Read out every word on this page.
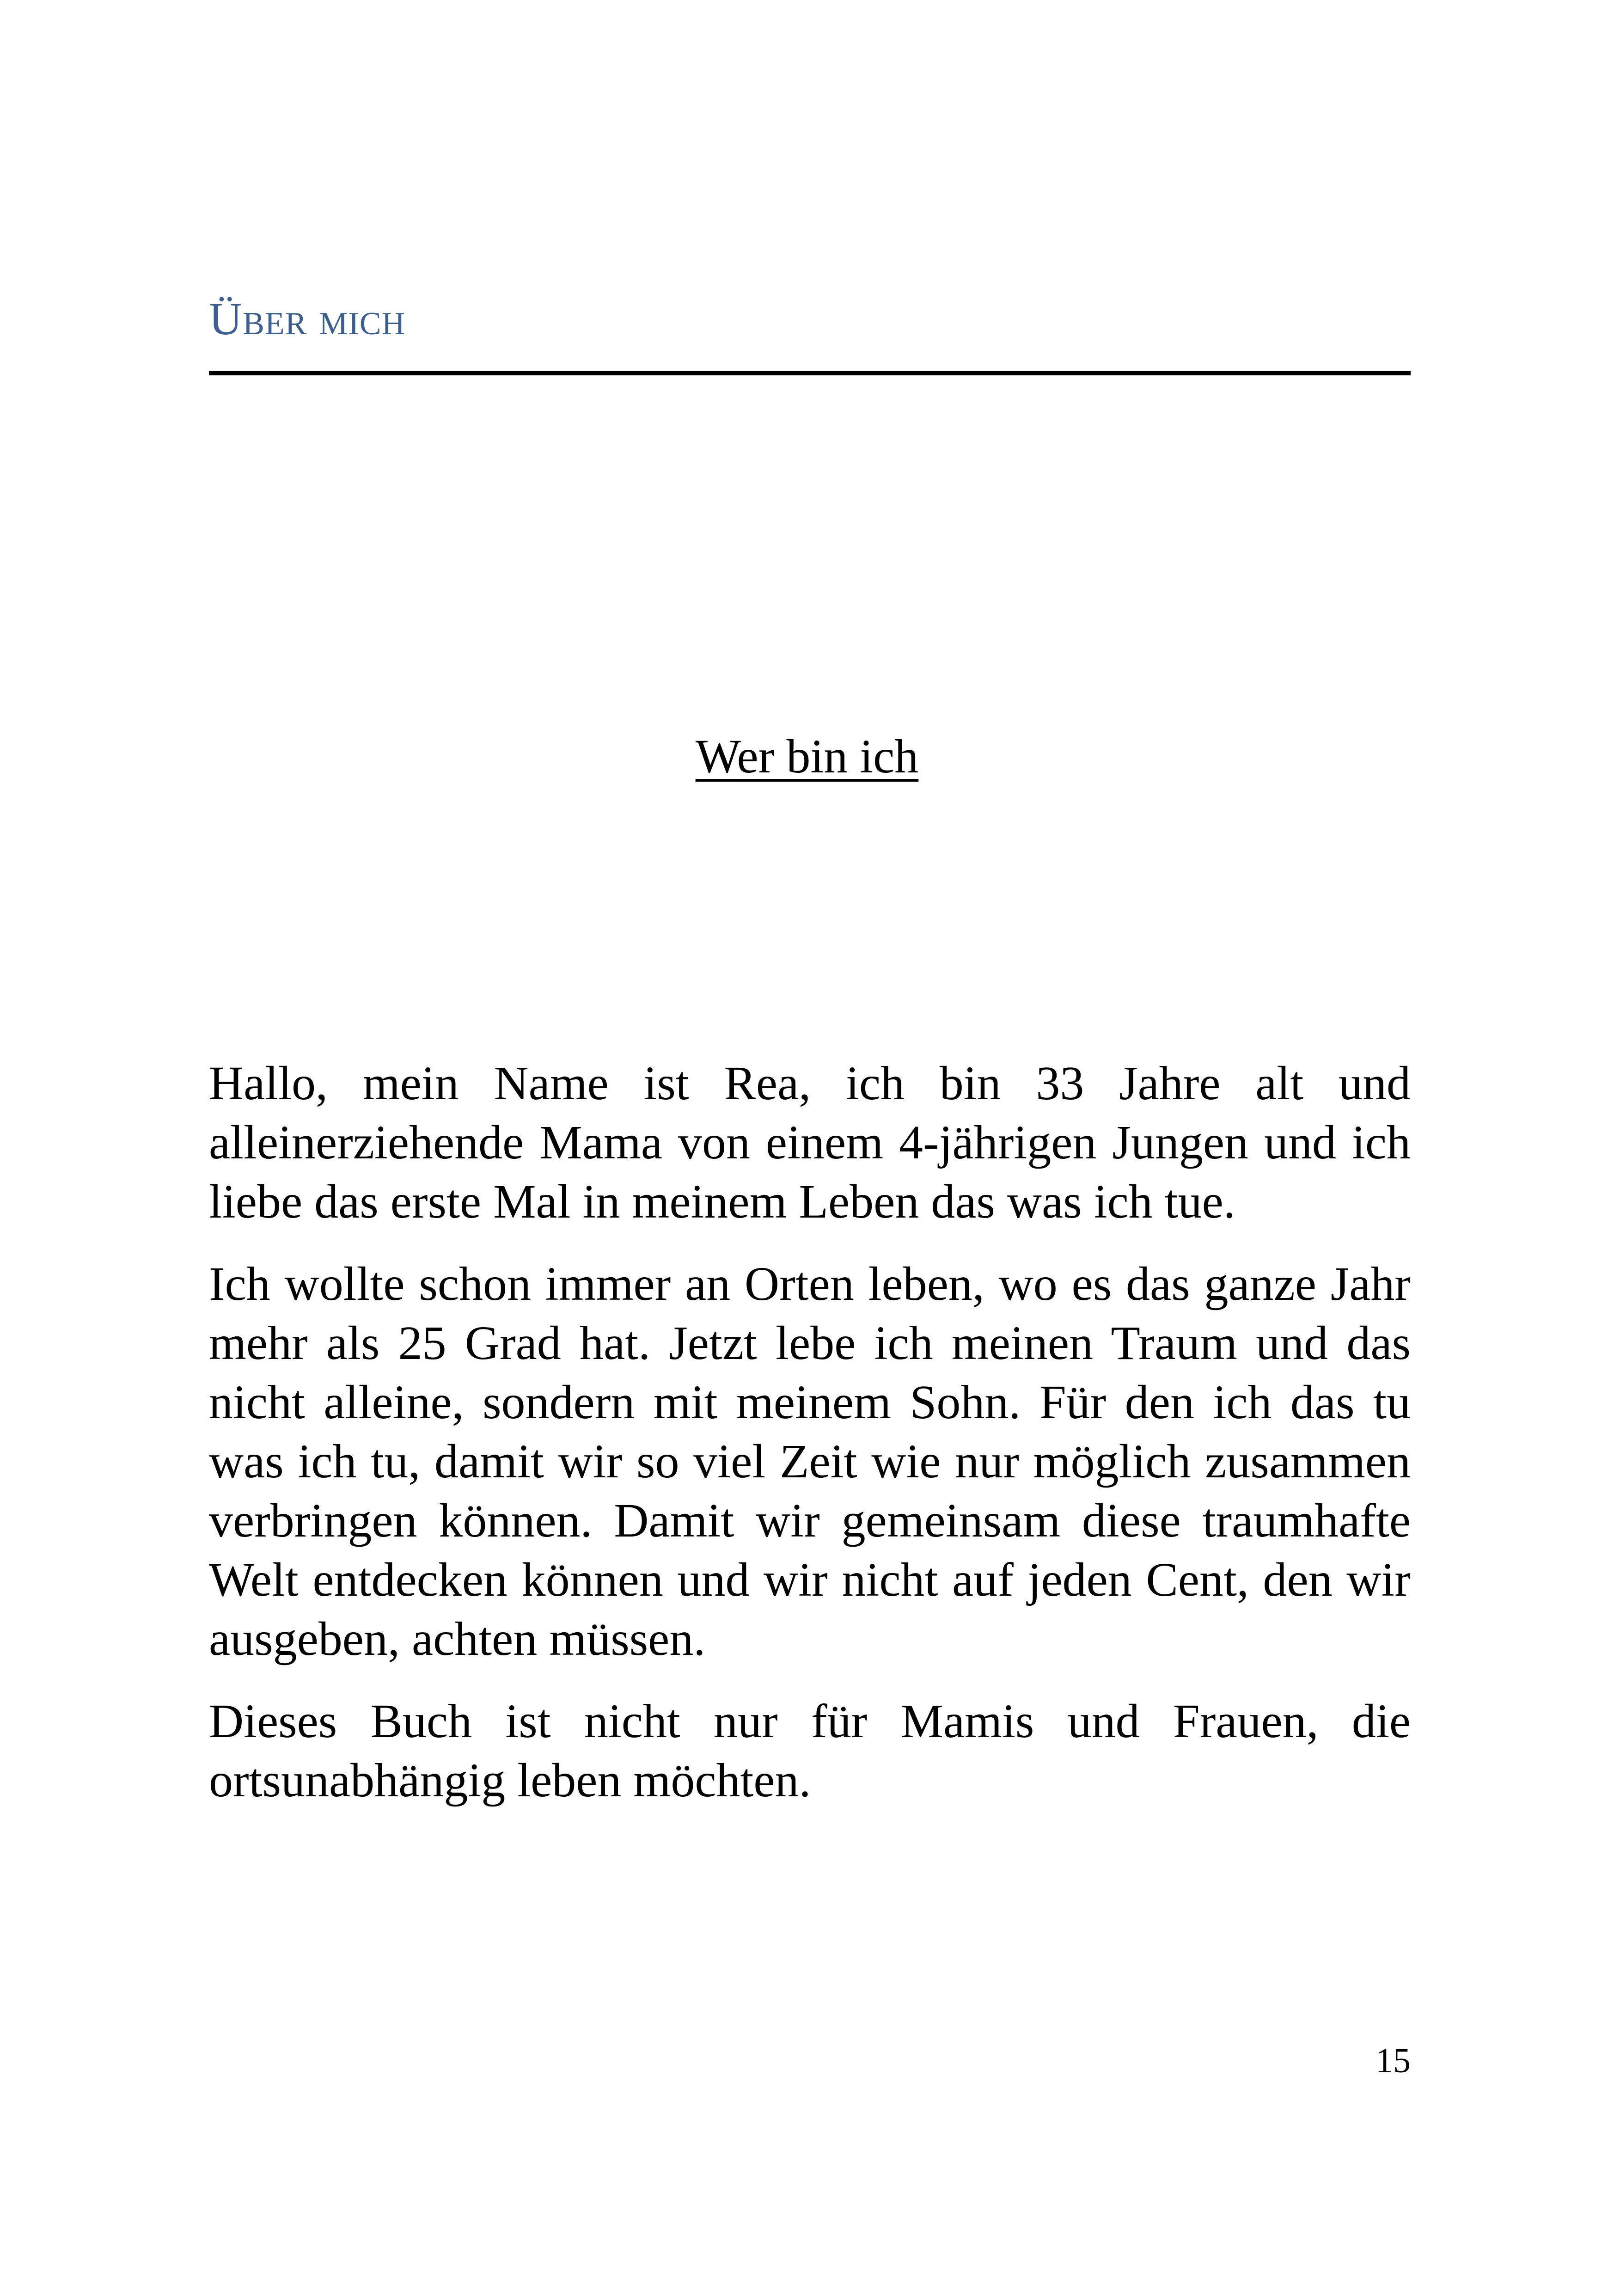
Über mich
Wer bin ich

Hallo, mein Name ist Rea, ich bin 33 Jahre alt und alleinerziehende Mama von einem 4-jährigen Jungen und ich liebe das erste Mal in meinem Leben das was ich tue.

Ich wollte schon immer an Orten leben, wo es das ganze Jahr mehr als 25 Grad hat. Jetzt lebe ich meinen Traum und das nicht alleine, sondern mit meinem Sohn. Für den ich das tu was ich tu, damit wir so viel Zeit wie nur möglich zusammen verbringen können. Damit wir gemeinsam diese traumhafte Welt entdecken können und wir nicht auf jeden Cent, den wir ausgeben, achten müssen.

Dieses Buch ist nicht nur für Mamis und Frauen, die ortsunabhängig leben möchten.

15
